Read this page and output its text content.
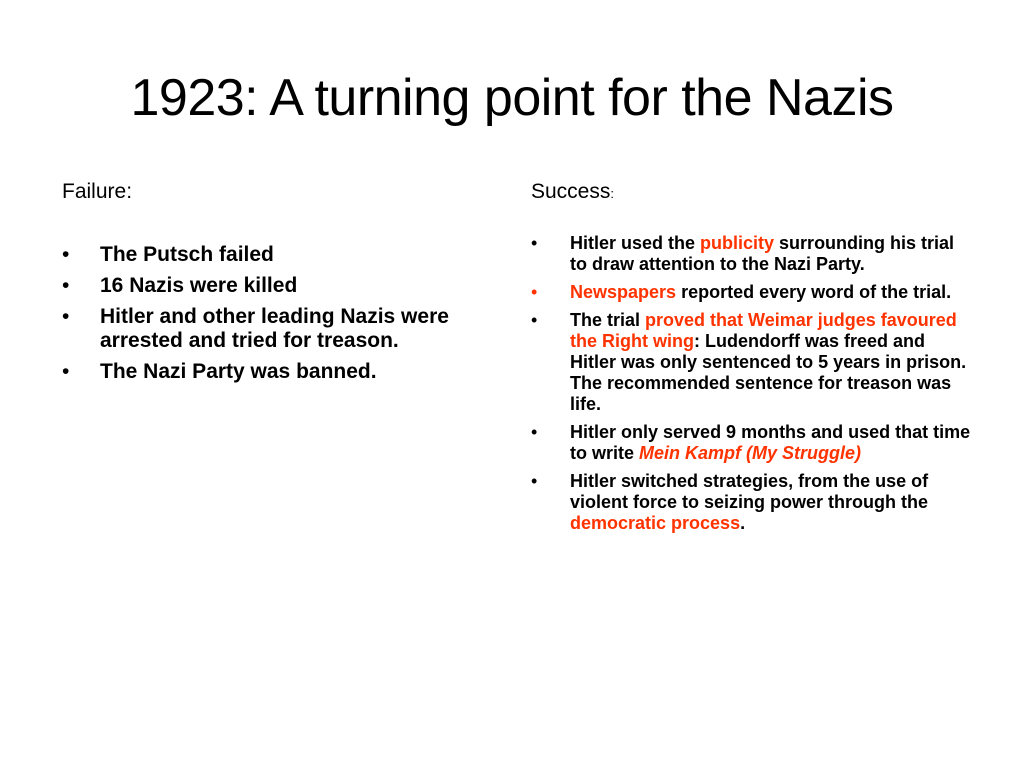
1923: A turning point for the Nazis

Failure:

• The Putsch failed
• 16 Nazis were killed
• Hitler and other leading Nazis were arrested and tried for treason.
• The Nazi Party was banned.

Success:

• Hitler used the publicity surrounding his trial to draw attention to the Nazi Party.
• Newspapers reported every word of the trial.
• The trial proved that Weimar judges favoured the Right wing: Ludendorff was freed and Hitler was only sentenced to 5 years in prison. The recommended sentence for treason was life.
• Hitler only served 9 months and used that time to write Mein Kampf (My Struggle)
• Hitler switched strategies, from the use of violent force to seizing power through the democratic process.
